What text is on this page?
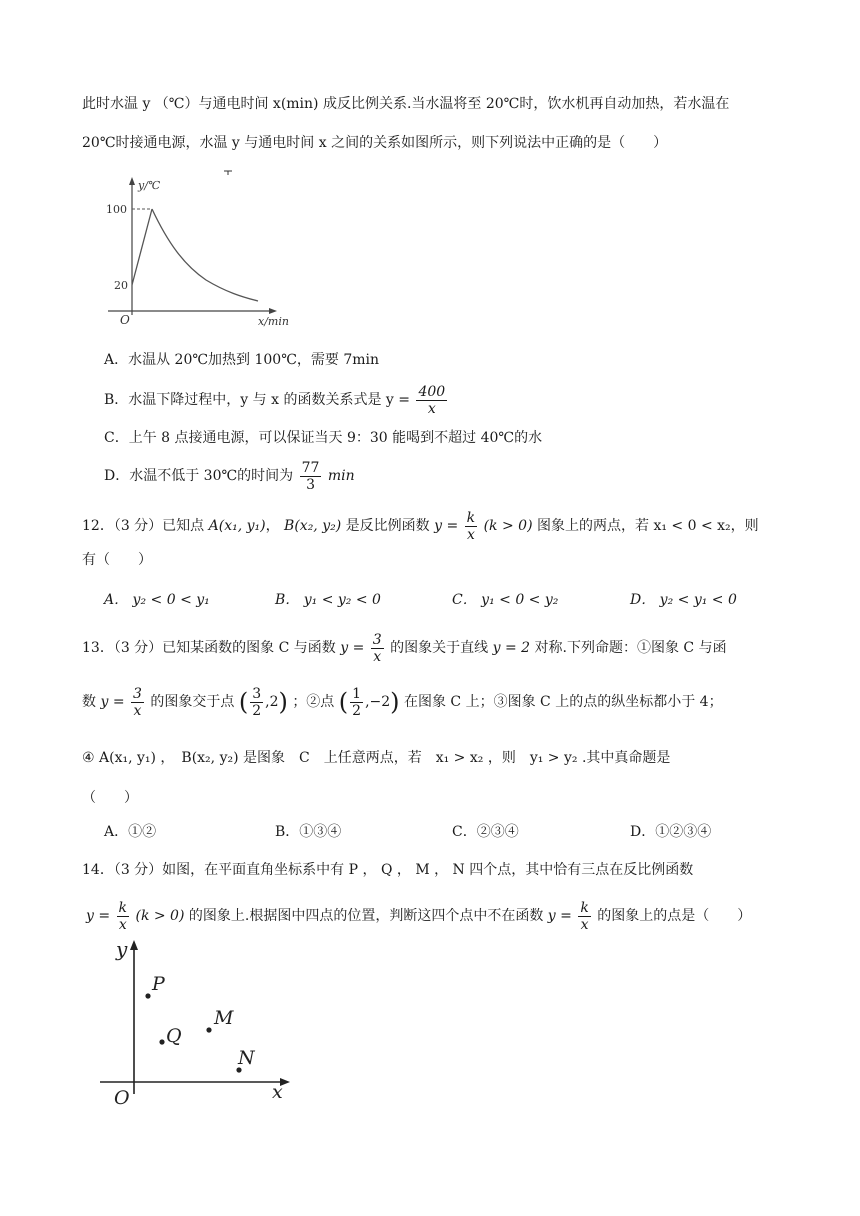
此时水温 y （℃）与通电时间 x(min) 成反比例关系.当水温将至 20℃时，饮水机再自动加热，若水温在
20℃时接通电源，水温 y 与通电时间 x 之间的关系如图所示，则下列说法中正确的是（　　）
y/℃
100
20
O	x/min
A．水温从 20℃加热到 100℃，需要 7min
B．水温下降过程中，y 与 x 的函数关系式是 $y = \frac{400}{x}$
C．上午 8 点接通电源，可以保证当天 9：30 能喝到不超过 40℃的水
D．水温不低于 30℃的时间为 $\frac{77}{3}$ min
12．（3 分）已知点 A(x₁, y₁)， B(x₂, y₂) 是反比例函数 $y = \frac{k}{x} (k > 0)$ 图象上的两点，若 x₁ < 0 < x₂，则
有（　　）
A． y₂ < 0 < y₁	B． y₁ < y₂ < 0	C． y₁ < 0 < y₂	D． y₂ < y₁ < 0
13．（3 分）已知某函数的图象 C 与函数 $y = \frac{3}{x}$ 的图象关于直线 y = 2 对称.下列命题：①图象 C 与函
数 $y = \frac{3}{x}$ 的图象交于点 ( $\frac{3}{2} ,2$) ；②点 ( $\frac{1}{2} ,-2$) 在图象 C 上；③图象 C 上的点的纵坐标都小于 4；
④ A(x₁, y₁) ，　B(x₂, y₂) 是图象　C　上任意两点，若　x₁ > x₂ ，则　y₁ > y₂ .其中真命题是
（　　）
A．①②	B．①③④	C．②③④	D．①②③④
14．（3 分）如图，在平面直角坐标系中有 P ， Q ， M ， N 四个点，其中恰有三点在反比例函数
$y = \frac{k}{x} (k > 0)$ 的图象上.根据图中四点的位置，判断这四个点中不在函数 $y = \frac{k}{x}$ 的图象上的点是（　　）
y
O	x
P
Q
M
N
